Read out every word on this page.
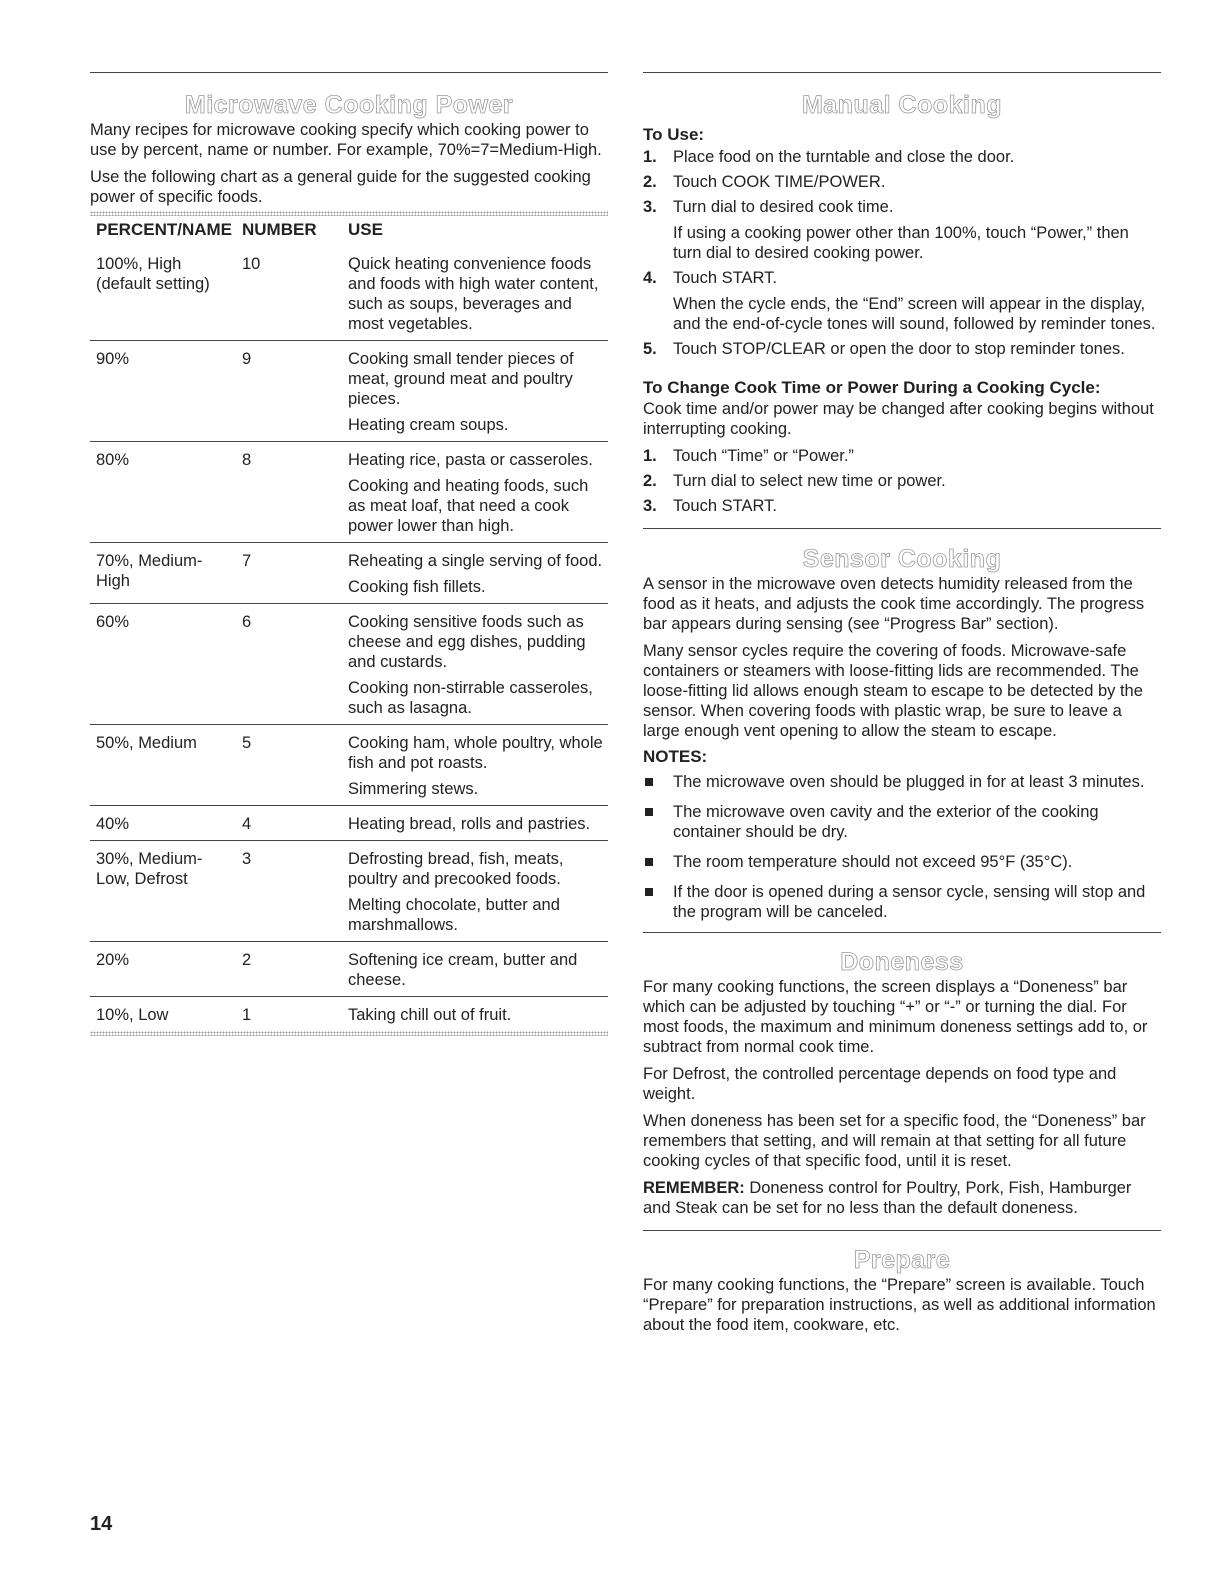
Microwave Cooking Power

Many recipes for microwave cooking specify which cooking power to use by percent, name or number. For example, 70%=7=Medium-High.

Use the following chart as a general guide for the suggested cooking power of specific foods.

PERCENT/NAME	NUMBER	USE
100%, High (default setting)	10	Quick heating convenience foods and foods with high water content, such as soups, beverages and most vegetables.

90%	9	Cooking small tender pieces of meat, ground meat and poultry pieces.
Heating cream soups.

80%	8	Heating rice, pasta or casseroles.
Cooking and heating foods, such as meat loaf, that need a cook power lower than high.

70%, Medium-High	7	Reheating a single serving of food.
Cooking fish fillets.

60%	6	Cooking sensitive foods such as cheese and egg dishes, pudding and custards.
Cooking non-stirrable casseroles, such as lasagna.

50%, Medium	5	Cooking ham, whole poultry, whole fish and pot roasts.
Simmering stews.

40%	4	Heating bread, rolls and pastries.

30%, Medium-Low, Defrost	3	Defrosting bread, fish, meats, poultry and precooked foods.
Melting chocolate, butter and marshmallows.

20%	2	Softening ice cream, butter and cheese.

10%, Low	1	Taking chill out of fruit.
Manual Cooking
To Use:
1. Place food on the turntable and close the door.
2. Touch COOK TIME/POWER.
3. Turn dial to desired cook time.
If using a cooking power other than 100%, touch “Power,” then turn dial to desired cooking power.
4. Touch START.
When the cycle ends, the “End” screen will appear in the display, and the end-of-cycle tones will sound, followed by reminder tones.
5. Touch STOP/CLEAR or open the door to stop reminder tones.
To Change Cook Time or Power During a Cooking Cycle:

Cook time and/or power may be changed after cooking begins without interrupting cooking.

1. Touch “Time” or “Power.”
2. Turn dial to select new time or power.
3. Touch START.
Sensor Cooking

A sensor in the microwave oven detects humidity released from the food as it heats, and adjusts the cook time accordingly. The progress bar appears during sensing (see “Progress Bar” section).

Many sensor cycles require the covering of foods. Microwave-safe containers or steamers with loose-fitting lids are recommended. The loose-fitting lid allows enough steam to escape to be detected by the sensor. When covering foods with plastic wrap, be sure to leave a large enough vent opening to allow the steam to escape.

NOTES:
The microwave oven should be plugged in for at least 3 minutes.
The microwave oven cavity and the exterior of the cooking container should be dry.
The room temperature should not exceed 95°F (35°C).
If the door is opened during a sensor cycle, sensing will stop and the program will be canceled.
Doneness

For many cooking functions, the screen displays a “Doneness” bar which can be adjusted by touching “+” or “-” or turning the dial. For most foods, the maximum and minimum doneness settings add to, or subtract from normal cook time.

For Defrost, the controlled percentage depends on food type and weight.

When doneness has been set for a specific food, the “Doneness” bar remembers that setting, and will remain at that setting for all future cooking cycles of that specific food, until it is reset.

REMEMBER: Doneness control for Poultry, Pork, Fish, Hamburger and Steak can be set for no less than the default doneness.

Prepare

For many cooking functions, the “Prepare” screen is available. Touch “Prepare” for preparation instructions, as well as additional information about the food item, cookware, etc.

14
